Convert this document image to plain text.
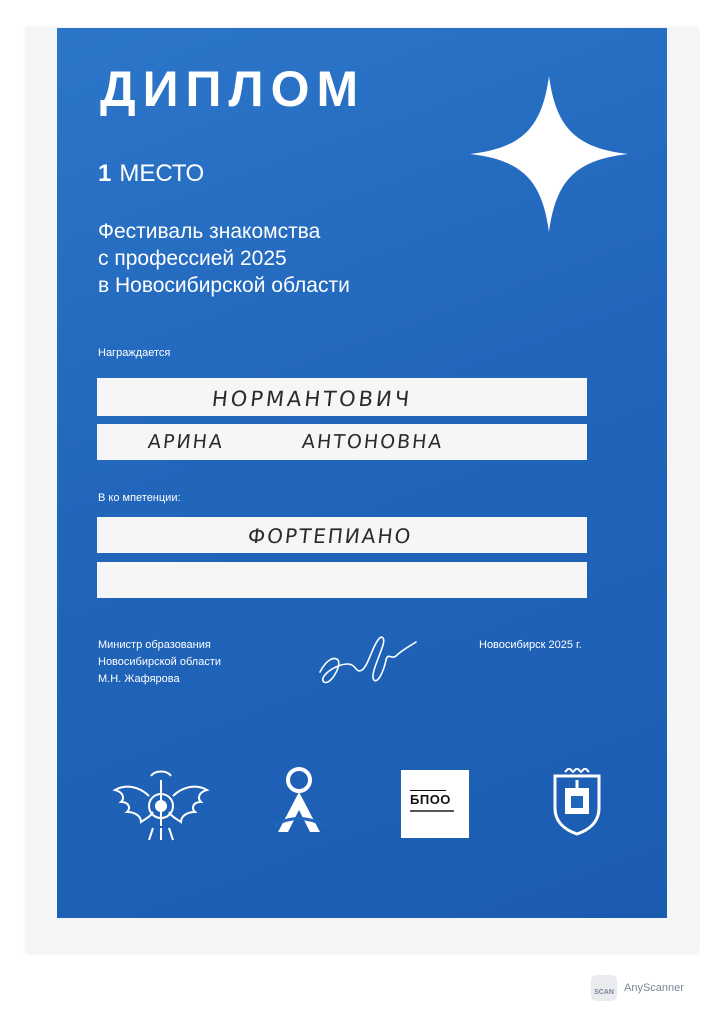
ДИПЛОМ
1 МЕСТО
Фестиваль знакомства
с профессией 2025
в Новосибирской области
Награждается
НОРМАНТОВИЧ
АРИНА	АНТОНОВНА
В ко мпетенции:
ФОРТЕПИАНО
Министр образования
Новосибирской области
М.Н. Жафярова
Новосибирск 2025 г.
БПОО
SCAN AnyScanner
